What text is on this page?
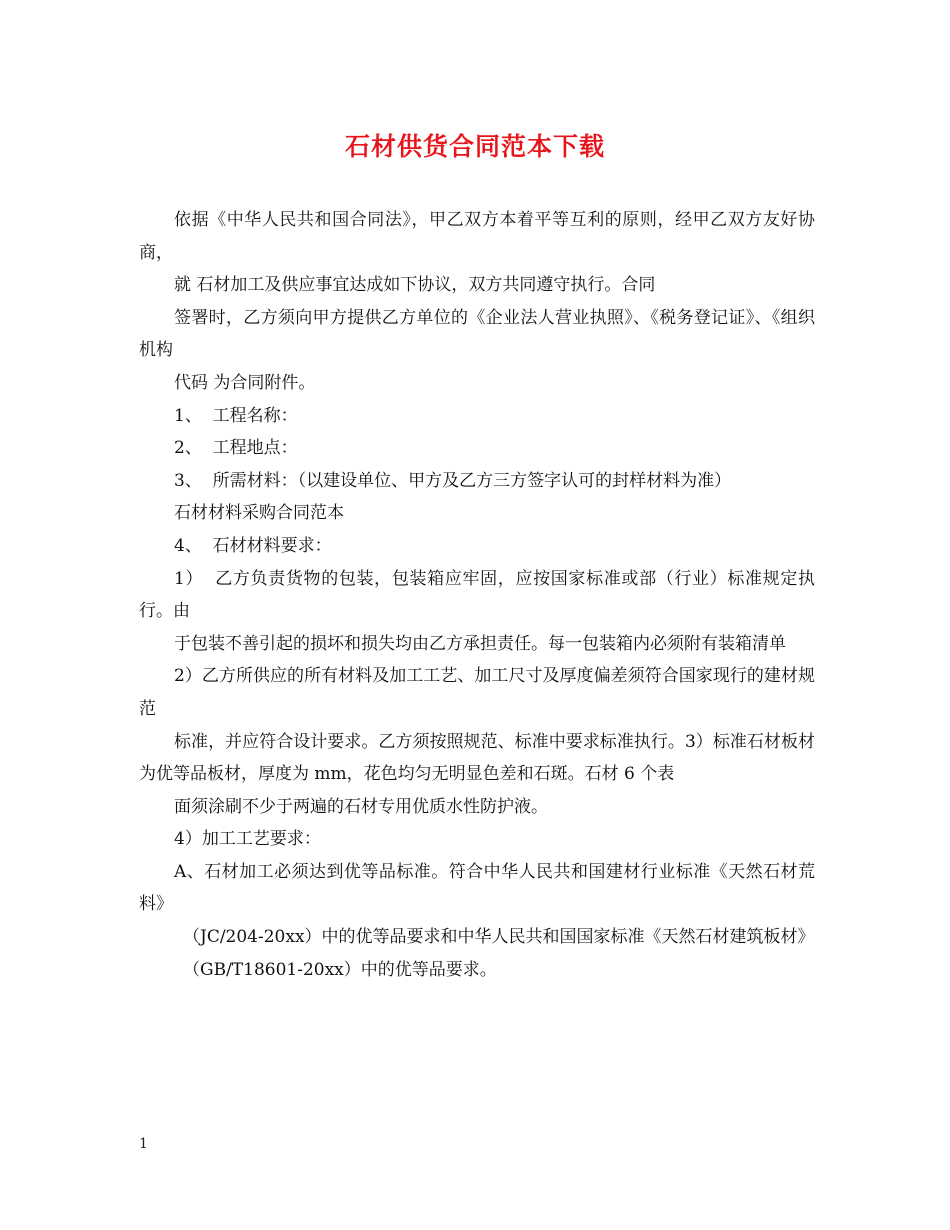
石材供货合同范本下载

依据《中华人民共和国合同法》，甲乙双方本着平等互利的原则，经甲乙双方友好协商，

就 石材加工及供应事宜达成如下协议，双方共同遵守执行。合同

签署时，乙方须向甲方提供乙方单位的《企业法人营业执照》、《税务登记证》、《组织机构

代码 为合同附件。

1、  工程名称：

2、  工程地点：

3、  所需材料：（以建设单位、甲方及乙方三方签字认可的封样材料为准）

石材材料采购合同范本

4、  石材材料要求：

1）  乙方负责货物的包装，包装箱应牢固，应按国家标准或部（行业）标准规定执行。由

于包装不善引起的损坏和损失均由乙方承担责任。每一包装箱内必须附有装箱清单

2）乙方所供应的所有材料及加工工艺、加工尺寸及厚度偏差须符合国家现行的建材规范

标准，并应符合设计要求。乙方须按照规范、标准中要求标准执行。3）标准石材板材为优等品板材，厚度为 mm，花色均匀无明显色差和石斑。石材 6 个表

面须涂刷不少于两遍的石材专用优质水性防护液。

4）加工工艺要求：

A、石材加工必须达到优等品标准。符合中华人民共和国建材行业标准《天然石材荒料》

（JC/204-20xx）中的优等品要求和中华人民共和国国家标准《天然石材建筑板材》

（GB/T18601-20xx）中的优等品要求。

1
